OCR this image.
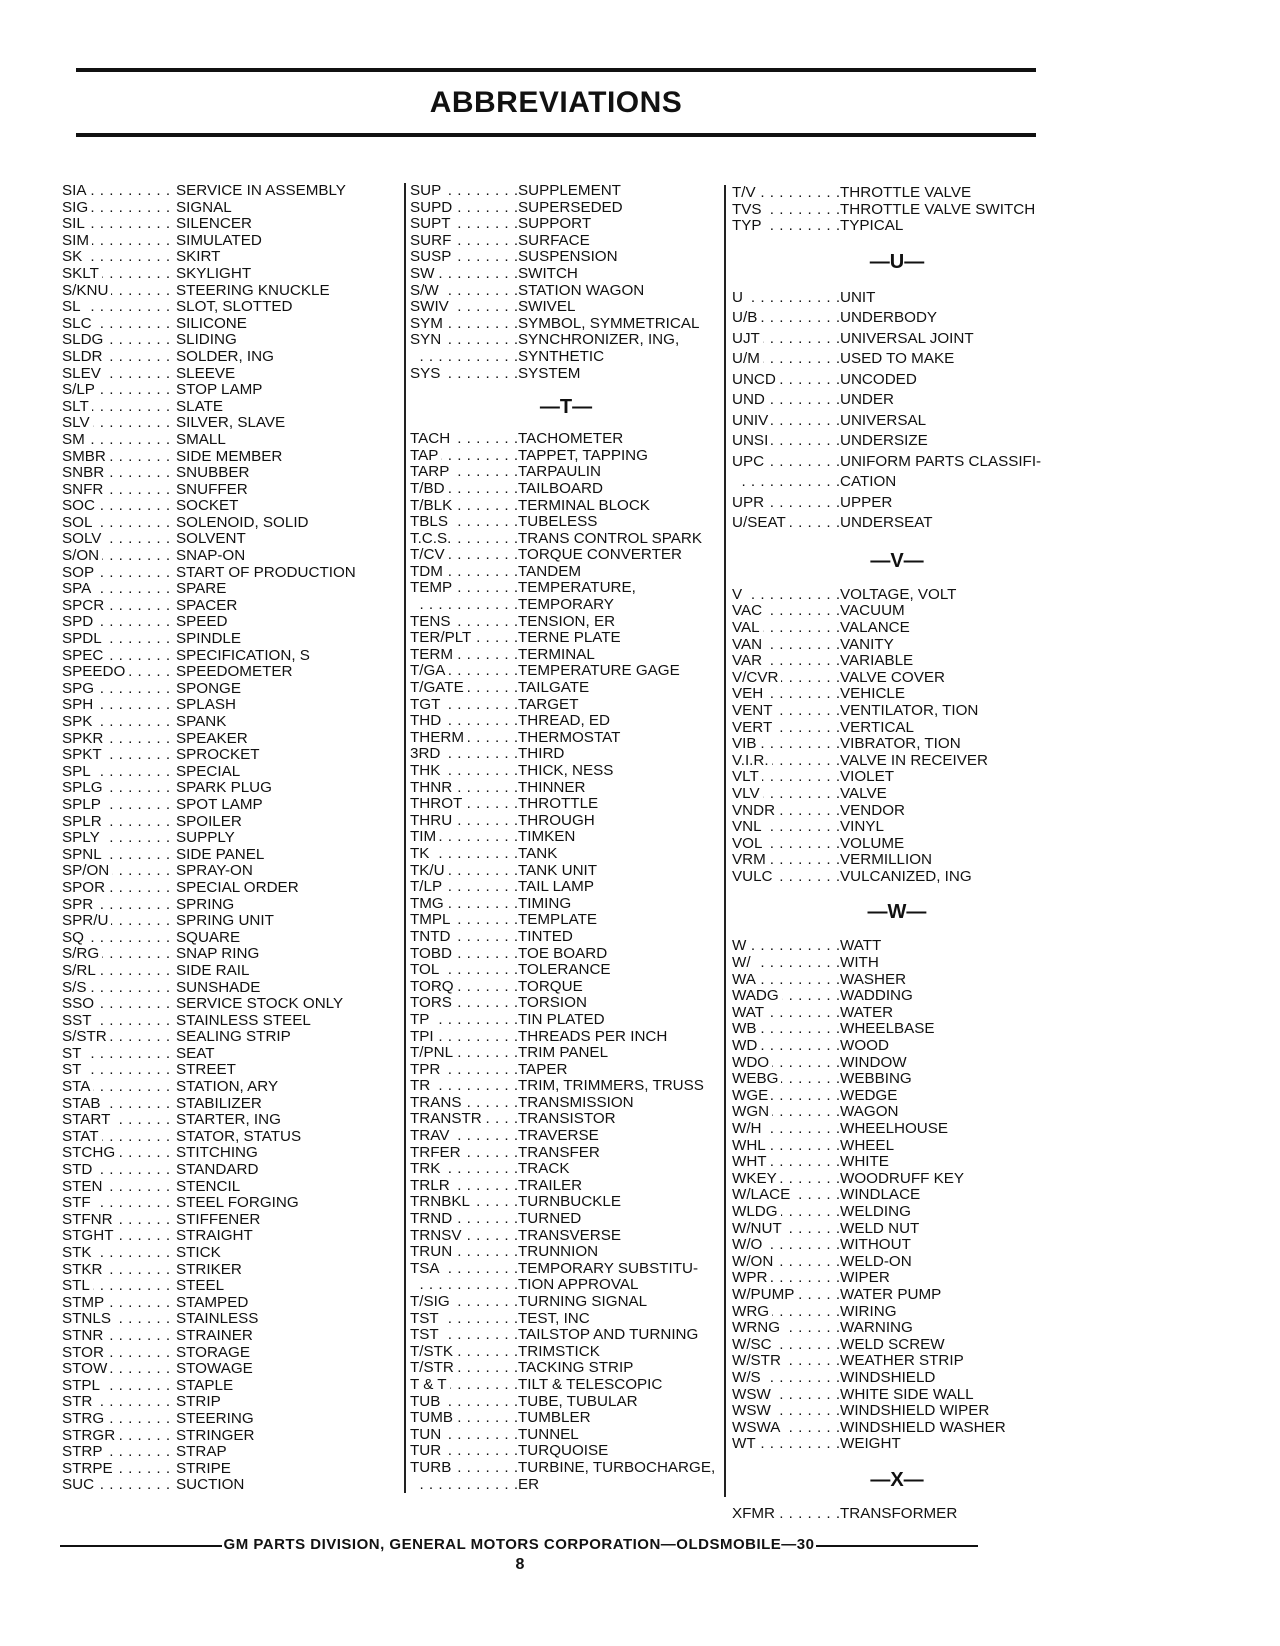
ABBREVIATIONS
SIA . . .	SERVICE IN ASSEMBLY
SIG . . .	SIGNAL
SIL . . .	SILENCER
SIM . . .	SIMULATED
SK . . .	SKIRT
SKLT . . .	SKYLIGHT
S/KNU . . .	STEERING KNUCKLE
SL . . .	SLOT, SLOTTED
SLC . . .	SILICONE
SLDG . . .	SLIDING
SLDR . . .	SOLDER, ING
SLEV . . .	SLEEVE
S/LP . . .	STOP LAMP
SLT . . .	SLATE
SLV . . .	SILVER, SLAVE
SM . . .	SMALL
SMBR . . .	SIDE MEMBER
SNBR . . .	SNUBBER
SNFR . . .	SNUFFER
SOC . . .	SOCKET
SOL . . .	SOLENOID, SOLID
SOLV . . .	SOLVENT
S/ON . . .	SNAP-ON
SOP . . .	START OF PRODUCTION
SPA . . .	SPARE
SPCR . . .	SPACER
SPD . . .	SPEED
SPDL . . .	SPINDLE
SPEC . . .	SPECIFICATION, S
SPEEDO . . .	SPEEDOMETER
SPG . . .	SPONGE
SPH . . .	SPLASH
SPK . . .	SPANK
SPKR . . .	SPEAKER
SPKT . . .	SPROCKET
SPL . . .	SPECIAL
SPLG . . .	SPARK PLUG
SPLP . . .	SPOT LAMP
SPLR . . .	SPOILER
SPLY . . .	SUPPLY
SPNL . . .	SIDE PANEL
SP/ON . . .	SPRAY-ON
SPOR . . .	SPECIAL ORDER
SPR . . .	SPRING
SPR/U . . .	SPRING UNIT
SQ . . .	SQUARE
S/RG . . .	SNAP RING
S/RL . . .	SIDE RAIL
S/S . . .	SUNSHADE
SSO . . .	SERVICE STOCK ONLY
SST . . .	STAINLESS STEEL
S/STR . . .	SEALING STRIP
ST . . .	SEAT
ST . . .	STREET
STA . . .	STATION, ARY
STAB . . .	STABILIZER
START . . .	STARTER, ING
STAT . . .	STATOR, STATUS
STCHG . . .	STITCHING
STD . . .	STANDARD
STEN . . .	STENCIL
STF . . .	STEEL FORGING
STFNR . . .	STIFFENER
STGHT . . .	STRAIGHT
STK . . .	STICK
STKR . . .	STRIKER
STL . . .	STEEL
STMP . . .	STAMPED
STNLS . . .	STAINLESS
STNR . . .	STRAINER
STOR . . .	STORAGE
STOW . . .	STOWAGE
STPL . . .	STAPLE
STR . . .	STRIP
STRG . . .	STEERING
STRGR . . .	STRINGER
STRP . . .	STRAP
STRPE . . .	STRIPE
SUC . . .	SUCTION
SUP . . .	SUPPLEMENT
SUPD . . .	SUPERSEDED
SUPT . . .	SUPPORT
SURF . . .	SURFACE
SUSP . . .	SUSPENSION
SW . . .	SWITCH
S/W . . .	STATION WAGON
SWIV . . .	SWIVEL
SYM . . .	SYMBOL, SYMMETRICAL
SYN . . .	SYNCHRONIZER, ING,
. . .
SYNTHETIC
SYS . . .	SYSTEM
—T—
TACH . . .	TACHOMETER
TAP . . .	TAPPET, TAPPING
TARP . . .	TARPAULIN
T/BD . . .	TAILBOARD
T/BLK . . .	TERMINAL BLOCK
TBLS . . .	TUBELESS
T.C.S. . . .	TRANS CONTROL SPARK
T/CV . . .	TORQUE CONVERTER
TDM . . .	TANDEM
TEMP . . .	TEMPERATURE,
. . .
TEMPORARY
TENS . . .	TENSION, ER
TER/PLT . . .	TERNE PLATE
TERM . . .	TERMINAL
T/GA . . .	TEMPERATURE GAGE
T/GATE . . .	TAILGATE
TGT . . .	TARGET
THD . . .	THREAD, ED
THERM . . .	THERMOSTAT
3RD . . .	THIRD
THK . . .	THICK, NESS
THNR . . .	THINNER
THROT . . .	THROTTLE
THRU . . .	THROUGH
TIM . . .	TIMKEN
TK . . .	TANK
TK/U . . .	TANK UNIT
T/LP . . .	TAIL LAMP
TMG . . .	TIMING
TMPL . . .	TEMPLATE
TNTD . . .	TINTED
TOBD . . .	TOE BOARD
TOL . . .	TOLERANCE
TORQ . . .	TORQUE
TORS . . .	TORSION
TP . . .	TIN PLATED
TPI . . .	THREADS PER INCH
T/PNL . . .	TRIM PANEL
TPR . . .	TAPER
TR . . .	TRIM, TRIMMERS, TRUSS
TRANS . . .	TRANSMISSION
TRANSTR . . .	TRANSISTOR
TRAV . . .	TRAVERSE
TRFER . . .	TRANSFER
TRK . . .	TRACK
TRLR . . .	TRAILER
TRNBKL . . .	TURNBUCKLE
TRND . . .	TURNED
TRNSV . . .	TRANSVERSE
TRUN . . .	TRUNNION
TSA . . .	TEMPORARY SUBSTITU-
. . .
TION APPROVAL
T/SIG . . .	TURNING SIGNAL
TST . . .	TEST, INC
TST . . .	TAILSTOP AND TURNING
T/STK . . .	TRIMSTICK
T/STR . . .	TACKING STRIP
T & T . . .	TILT & TELESCOPIC
TUB . . .	TUBE, TUBULAR
TUMB . . .	TUMBLER
TUN . . .	TUNNEL
TUR . . .	TURQUOISE
TURB . . .	TURBINE, TURBOCHARGE,
. . .
ER
T/V . . .	THROTTLE VALVE
TVS . . .	THROTTLE VALVE SWITCH
TYP . . .	TYPICAL
—U—
U . . .	UNIT
U/B . . .	UNDERBODY
UJT . . .	UNIVERSAL JOINT
U/M . . .	USED TO MAKE
UNCD . . .	UNCODED
UND . . .	UNDER
UNIV . . .	UNIVERSAL
UNSI . . .	UNDERSIZE
UPC . . .	UNIFORM PARTS CLASSIFI-
. . .
CATION
UPR . . .	UPPER
U/SEAT . . .	UNDERSEAT
—V—
V . . .	VOLTAGE, VOLT
VAC . . .	VACUUM
VAL . . .	VALANCE
VAN . . .	VANITY
VAR . . .	VARIABLE
V/CVR . . .	VALVE COVER
VEH . . .	VEHICLE
VENT . . .	VENTILATOR, TION
VERT . . .	VERTICAL
VIB . . .	VIBRATOR, TION
V.I.R. . . .	VALVE IN RECEIVER
VLT . . .	VIOLET
VLV . . .	VALVE
VNDR . . .	VENDOR
VNL . . .	VINYL
VOL . . .	VOLUME
VRM . . .	VERMILLION
VULC . . .	VULCANIZED, ING
—W—
W . . .	WATT
W/ . . .	WITH
WA . . .	WASHER
WADG . . .	WADDING
WAT . . .	WATER
WB . . .	WHEELBASE
WD . . .	WOOD
WDO . . .	WINDOW
WEBG . . .	WEBBING
WGE . . .	WEDGE
WGN . . .	WAGON
W/H . . .	WHEELHOUSE
WHL . . .	WHEEL
WHT . . .	WHITE
WKEY . . .	WOODRUFF KEY
W/LACE . . .	WINDLACE
WLDG . . .	WELDING
W/NUT . . .	WELD NUT
W/O . . .	WITHOUT
W/ON . . .	WELD-ON
WPR . . .	WIPER
W/PUMP . . .	WATER PUMP
WRG . . .	WIRING
WRNG . . .	WARNING
W/SC . . .	WELD SCREW
W/STR . . .	WEATHER STRIP
W/S . . .	WINDSHIELD
WSW . . .	WHITE SIDE WALL
WSW . . .	WINDSHIELD WIPER
WSWA . . .	WINDSHIELD WASHER
WT . . .	WEIGHT
—X—
XFMR . . .	TRANSFORMER
GM PARTS DIVISION, GENERAL MOTORS CORPORATION—OLDSMOBILE—30
8
